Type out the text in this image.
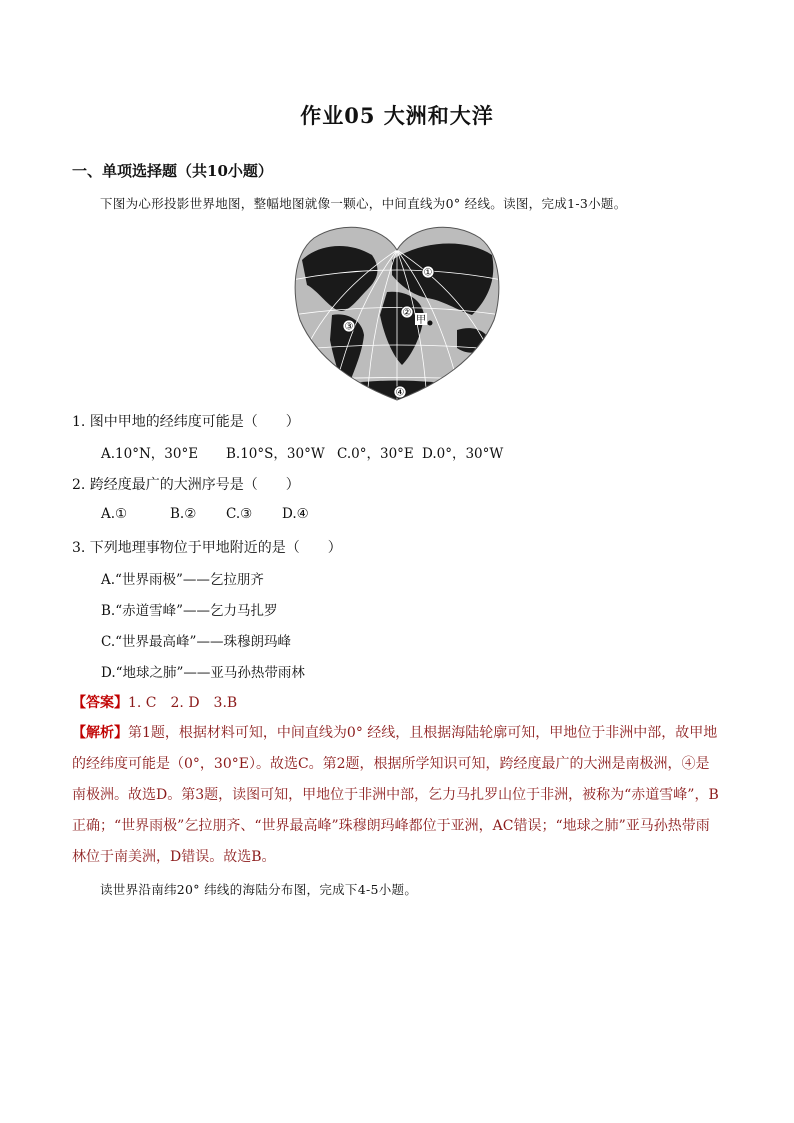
作业05 大洲和大洋
一、单项选择题（共10小题）
下图为心形投影世界地图，整幅地图就像一颗心，中间直线为0° 经线。读图，完成1-3小题。
①
②
③
④
甲
1. 图中甲地的经纬度可能是（　　）
A.10°N，30°E B.10°S，30°W C.0°，30°E D.0°，30°W
2. 跨经度最广的大洲序号是（　　）
A.①	B.② C.③ D.④
3. 下列地理事物位于甲地附近的是（　　）
A.“世界雨极”——乞拉朋齐
B.“赤道雪峰”——乞力马扎罗
C.“世界最高峰”——珠穆朗玛峰
D.“地球之肺”——亚马孙热带雨林
【答案】1. C　2. D　3.B
【解析】第1题，根据材料可知，中间直线为0° 经线，且根据海陆轮廓可知，甲地位于非洲中部，故甲地的经纬度可能是（0°，30°E）。故选C。第2题，根据所学知识可知，跨经度最广的大洲是南极洲，④是南极洲。故选D。第3题，读图可知，甲地位于非洲中部，乞力马扎罗山位于非洲，被称为“赤道雪峰”，B正确；“世界雨极”乞拉朋齐、“世界最高峰”珠穆朗玛峰都位于亚洲，AC错误；“地球之肺”亚马孙热带雨林位于南美洲，D错误。故选B。
读世界沿南纬20° 纬线的海陆分布图，完成下4-5小题。
